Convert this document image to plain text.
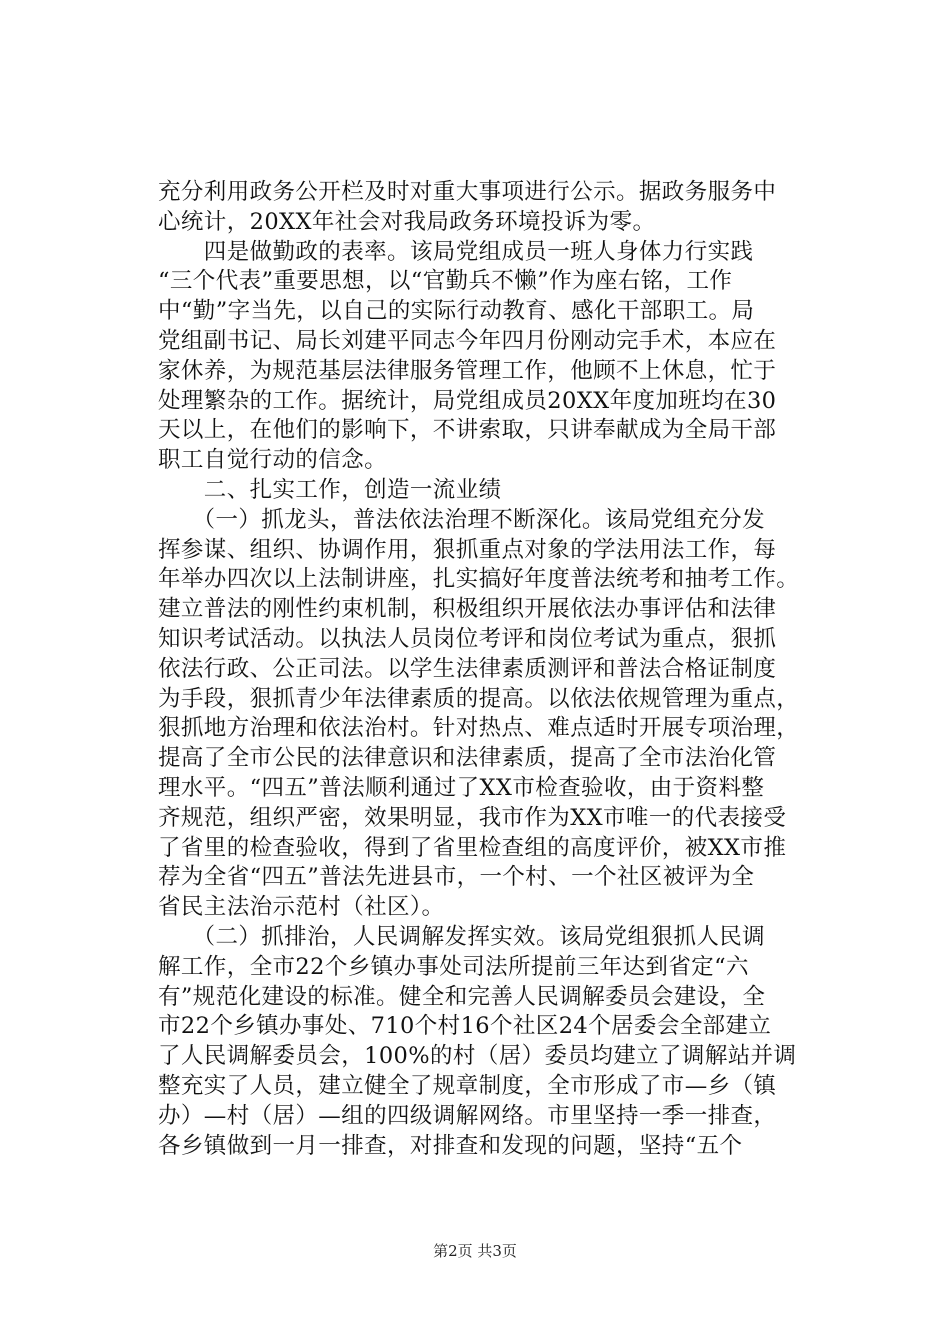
充分利用政务公开栏及时对重大事项进行公示。据政务服务中
心统计，20XX年社会对我局政务环境投诉为零。
　　四是做勤政的表率。该局党组成员一班人身体力行实践
“三个代表”重要思想，以“官勤兵不懒”作为座右铭，工作
中“勤”字当先，以自己的实际行动教育、感化干部职工。局
党组副书记、局长刘建平同志今年四月份刚动完手术，本应在
家休养，为规范基层法律服务管理工作，他顾不上休息，忙于
处理繁杂的工作。据统计，局党组成员20XX年度加班均在30
天以上，在他们的影响下，不讲索取，只讲奉献成为全局干部
职工自觉行动的信念。
　　二、扎实工作，创造一流业绩
　　（一）抓龙头，普法依法治理不断深化。该局党组充分发
挥参谋、组织、协调作用，狠抓重点对象的学法用法工作，每
年举办四次以上法制讲座，扎实搞好年度普法统考和抽考工作。
建立普法的刚性约束机制，积极组织开展依法办事评估和法律
知识考试活动。以执法人员岗位考评和岗位考试为重点，狠抓
依法行政、公正司法。以学生法律素质测评和普法合格证制度
为手段，狠抓青少年法律素质的提高。以依法依规管理为重点，
狠抓地方治理和依法治村。针对热点、难点适时开展专项治理，
提高了全市公民的法律意识和法律素质，提高了全市法治化管
理水平。“四五”普法顺利通过了XX市检查验收，由于资料整
齐规范，组织严密，效果明显，我市作为XX市唯一的代表接受
了省里的检查验收，得到了省里检查组的高度评价，被XX市推
荐为全省“四五”普法先进县市，一个村、一个社区被评为全
省民主法治示范村（社区）。
　　（二）抓排治，人民调解发挥实效。该局党组狠抓人民调
解工作，全市22个乡镇办事处司法所提前三年达到省定“六
有”规范化建设的标准。健全和完善人民调解委员会建设，全
市22个乡镇办事处、710个村16个社区24个居委会全部建立
了人民调解委员会，100%的村（居）委员均建立了调解站并调
整充实了人员，建立健全了规章制度，全市形成了市—乡（镇
办）—村（居）—组的四级调解网络。市里坚持一季一排查，
各乡镇做到一月一排查，对排查和发现的问题，坚持“五个
第2页 共3页
